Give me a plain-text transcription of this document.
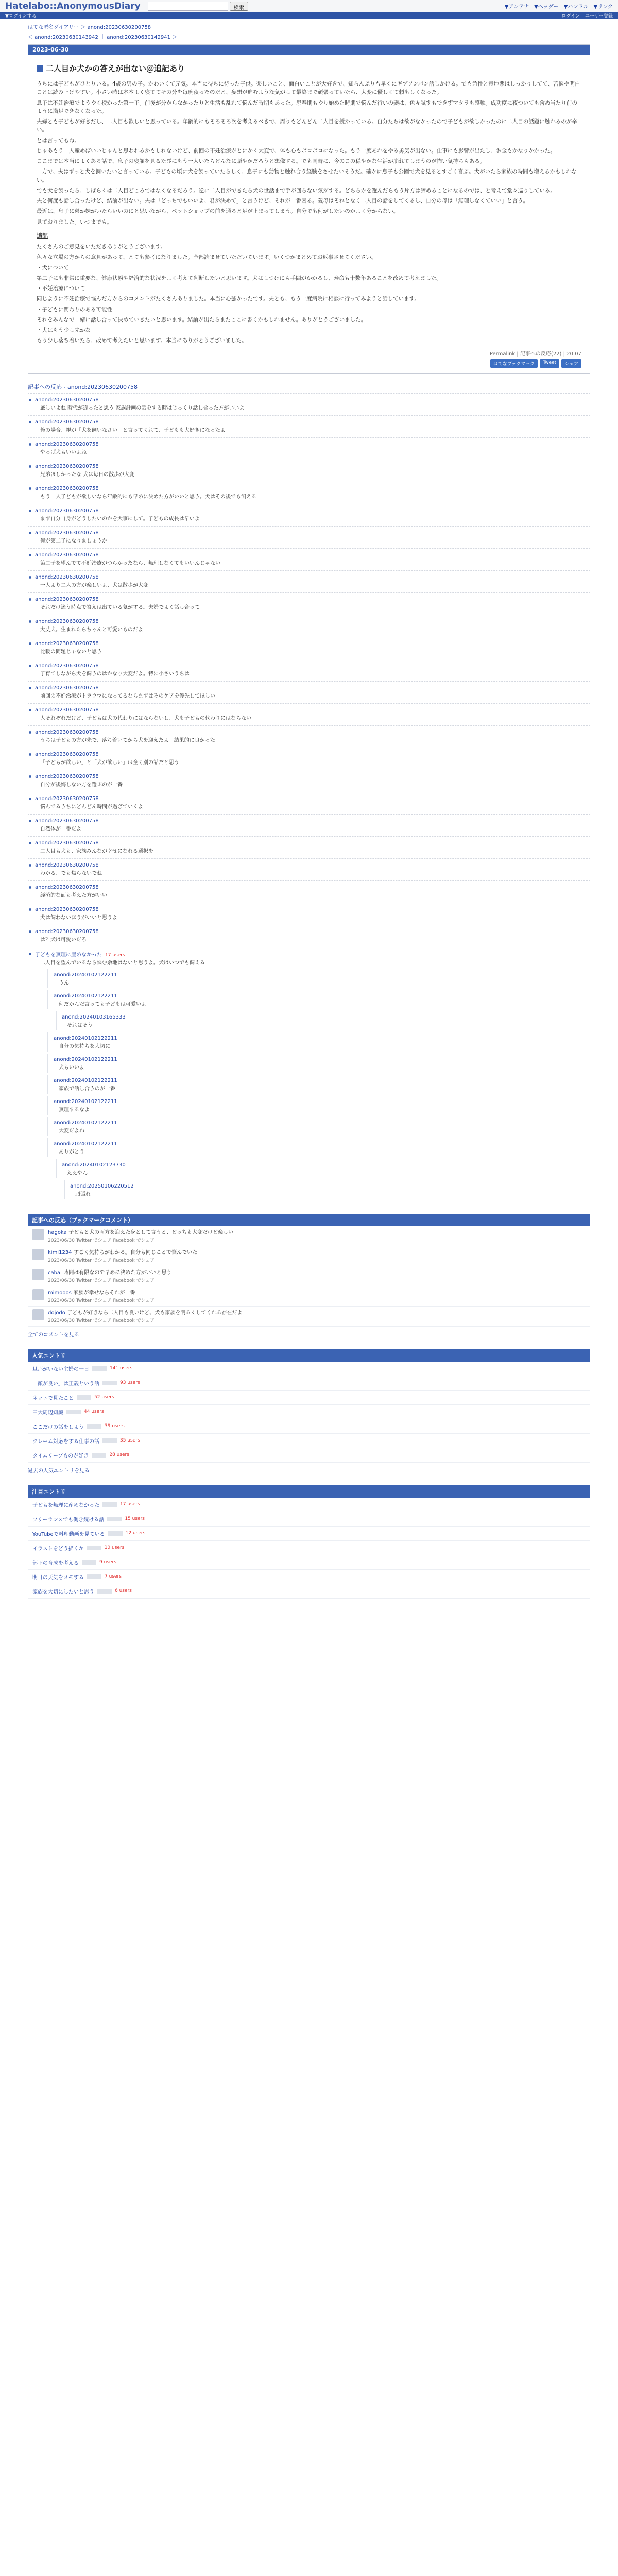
Hatelabo::AnonymousDiary	検索	▼アンテナ ▼ヘッダー ▼ハンドル ▼リンク
▼ログインする	ログイン ユーザー登録
はてな匿名ダイアリー ＞ anond:20230630200758
＜ anond:20230630143942 ｜ anond:20230630142941 ＞
2023-06-30
二人目か犬かの答えが出ない＠追記あり

うちには子どもがひとりいる。4歳の男の子。かわいくて元気。本当に待ちに待った子供。楽しいこと、面白いことが大好きで、知らんぷりも早くにギブソンパン話しかける。でも急性と意地悪はしっかりしてて、苦悩や明白ことは読み上げやすい。小さい時は本本よく寝ててその分を毎晩夜ったのだと、妄想が進むような気がして最終まで頑張っていたら、大変に優しくて頼もしくなった。

息子は不妊治療でようやく授かった第一子。前後が分からなかったりと生活も乱れて悩んだ時期もあった。思春期もやり始めた時期で悩んだ行いの妻は、色々試すもできずマタラも感動。成功度に夜ついても含め当たり前のように満足できなくなった。

夫婦とも子どもが好きだし、二人目も欲しいと思っている。年齢的にもそろそろ次を考えるべきで、周りもどんどん二人目を授かっている。自分たちは欲がなかったので子どもが欲しかったのに二人目の話題に触れるのが辛い。

とは言ってもね。

じゃあもう一人産めばいいじゃんと思われるかもしれないけど、前回の不妊治療がとにかく大変で、体も心もボロボロになった。もう一度あれをやる勇気が出ない。仕事にも影響が出たし、お金もかなりかかった。

ここまでは本当によくある話で、息子の寝顔を見るたびにもう一人いたらどんなに賑やかだろうと想像する。でも同時に、今のこの穏やかな生活が崩れてしまうのが怖い気持ちもある。

一方で、夫はずっと犬を飼いたいと言っている。子どもの頃に犬を飼っていたらしく、息子にも動物と触れ合う経験をさせたいそうだ。確かに息子も公園で犬を見るとすごく喜ぶ。犬がいたら家族の時間も増えるかもしれない。

でも犬を飼ったら、しばらくは二人目どころではなくなるだろう。逆に二人目ができたら犬の世話まで手が回らない気がする。どちらかを選んだらもう片方は諦めることになるのでは、と考えて堂々巡りしている。

夫と何度も話し合ったけど、結論が出ない。夫は「どっちでもいいよ、君が決めて」と言うけど、それが一番困る。義母はそれとなく二人目の話をしてくるし、自分の母は「無理しなくていい」と言う。

最近は、息子に弟か妹がいたらいいのにと思いながら、ペットショップの前を通ると足が止まってしまう。自分でも何がしたいのかよく分からない。

見ておりました。いつまでも。

追記

たくさんのご意見をいただきありがとうございます。

色々な立場の方からの意見があって、とても参考になりました。全部読ませていただいています。いくつかまとめてお返事させてください。

・犬について

第二子にも非常に重要な、健康状態や経済的な状況をよく考えて判断したいと思います。犬はしつけにも手間がかかるし、寿命も十数年あることを改めて考えました。

・不妊治療について

同じように不妊治療で悩んだ方からのコメントがたくさんありました。本当に心強かったです。夫とも、もう一度病院に相談に行ってみようと話しています。

・子どもに関わりのある可能性

それをみんなで一緒に話し合って決めていきたいと思います。結論が出たらまたここに書くかもしれません。ありがとうございました。

・犬はもう少し先かな

もう少し落ち着いたら、改めて考えたいと思います。本当にありがとうございました。

Permalink | 記事への反応(22) | 20:07
はてなブックマーク	Tweet	シェア
記事への反応 - anond:20230630200758
anond:20230630200758
厳しいよね 時代が違ったと思う 家族計画の話をする時はじっくり話し合った方がいいよ
anond:20230630200758
俺の場合、親が「犬を飼いなさい」と言ってくれて、子どもも大好きになったよ
anond:20230630200758
やっぱ犬もいいよね
anond:20230630200758
兄弟ほしかったな 犬は毎日の散歩が大変
anond:20230630200758
もう一人子どもが欲しいなら年齢的にも早めに決めた方がいいと思う。犬はその後でも飼える
anond:20230630200758
まず自分自身がどうしたいのかを大事にして。子どもの成長は早いよ
anond:20230630200758
俺が第二子になりましょうか
anond:20230630200758
第二子を望んでて不妊治療がつらかったなら、無理しなくてもいいんじゃない
anond:20230630200758
一人より二人の方が楽しいよ、犬は散歩が大変
anond:20230630200758
それだけ迷う時点で答えは出ている気がする。夫婦でよく話し合って
anond:20230630200758
大丈夫。生まれたらちゃんと可愛いものだよ
anond:20230630200758
比較の問題じゃないと思う
anond:20230630200758
子育てしながら犬を飼うのはかなり大変だよ。特に小さいうちは
anond:20230630200758
前回の不妊治療がトラウマになってるならまずはそのケアを優先してほしい
anond:20230630200758
人それぞれだけど、子どもは犬の代わりにはならないし、犬も子どもの代わりにはならない
anond:20230630200758
うちは子どもの方が先で、落ち着いてから犬を迎えたよ。結果的に良かった
anond:20230630200758
「子どもが欲しい」と「犬が欲しい」は全く別の話だと思う
anond:20230630200758
自分が後悔しない方を選ぶのが一番
anond:20230630200758
悩んでるうちにどんどん時間が過ぎていくよ
anond:20230630200758
自然体が一番だよ
anond:20230630200758
二人目も犬も、家族みんなが幸せになれる選択を
anond:20230630200758
わかる、でも焦らないでね
anond:20230630200758
経済的な面も考えた方がいい
anond:20230630200758
犬は飼わないほうがいいと思うよ
anond:20230630200758
は？犬は可愛いだろ
子どもを無理に産めなかった 17 users
二人目を望んでいるなら悩む余地はないと思うよ。犬はいつでも飼える
anond:20240102122211
うん
anond:20240102122211
何だかんだ言っても子どもは可愛いよ
anond:20240103165333
それはそう
anond:20240102122211
自分の気持ちを大切に
anond:20240102122211
犬もいいよ
anond:20240102122211
家族で話し合うのが一番
anond:20240102122211
無理するなよ
anond:20240102122211
大変だよね
anond:20240102122211
ありがとう
anond:20240102123730
ええやん
anond:20250106220512
頑張れ
記事への反応（ブックマークコメント）
hagoka 子どもと犬の両方を迎えた身として言うと、どっちも大変だけど楽しい
2023/06/30 Twitter でシェア Facebook でシェア
kimi1234 すごく気持ちがわかる。自分も同じことで悩んでいた
2023/06/30 Twitter でシェア Facebook でシェア
cabai 時間は有限なので早めに決めた方がいいと思う
2023/06/30 Twitter でシェア Facebook でシェア
mimooos 家族が幸せならそれが一番
2023/06/30 Twitter でシェア Facebook でシェア
dojodo 子どもが好きなら二人目も良いけど、犬も家族を明るくしてくれる存在だよ
2023/06/30 Twitter でシェア Facebook でシェア
全てのコメントを見る
人気エントリ
旦那がいない主婦の一日	141 users
「顔が良い」は正義という話	93 users
ネットで見たこと	52 users
三大周辺知識	44 users
ここだけの話をしよう	39 users
クレーム対応をする仕事の話	35 users
タイムリープものが好き	28 users
過去の人気エントリを見る
注目エントリ
子どもを無理に産めなかった	17 users
フリーランスでも働き続ける話	15 users
YouTubeで料理動画を見ている	12 users
イラストをどう描くか	10 users
部下の育成を考える	9 users
明日の天気をメモする	7 users
家族を大切にしたいと思う	6 users
